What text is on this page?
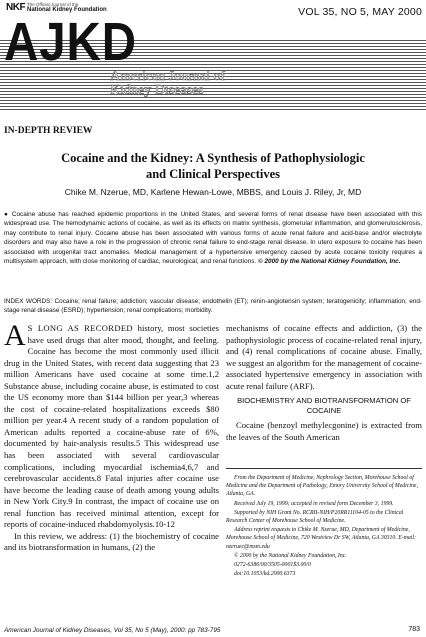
NKF The Official Journal of the
National Kidney Foundation	VOL 35, NO 5, MAY 2000
AJKD
American Journal of
Kidney Diseases
IN-DEPTH REVIEW
Cocaine and the Kidney: A Synthesis of Pathophysiologic
and Clinical Perspectives
Chike M. Nzerue, MD, Karlene Hewan-Lowe, MBBS, and Louis J. Riley, Jr, MD
● Cocaine abuse has reached epidemic proportions in the United States, and several forms of renal disease have been associated with this widespread use. The hemodynamic actions of cocaine, as well as its effects on matrix synthesis, glomerular inflammation, and glomerulosclerosis, may contribute to renal injury. Cocaine abuse has been associated with various forms of acute renal failure and acid-base and/or electrolyte disorders and may also have a role in the progression of chronic renal failure to end-stage renal disease. In utero exposure to cocaine has been associated with urogenital tract anomalies. Medical management of a hypertensive emergency caused by acute cocaine toxicity requires a multisystem approach, with close monitoring of cardiac, neurological, and renal functions. © 2000 by the National Kidney Foundation, Inc.
INDEX WORDS: Cocaine; renal failure; addiction; vascular disease; endothelin (ET); renin-angiotensin system; teratogenicity; inflammation; end-stage renal disease (ESRD); hypertension; renal complications; morbidity.

A S LONG AS RECORDED history, most societies have used drugs that alter mood, thought, and feeling. Cocaine has become the most commonly used illicit drug in the United States, with recent data suggesting that 23 million Americans have used cocaine at some time.1,2 Substance abuse, including cocaine abuse, is estimated to cost the US economy more than $144 billion per year,3 whereas the cost of cocaine-related hospitalizations exceeds $80 million per year.4 A recent study of a random population of American adults reported a cocaine-abuse rate of 6%, documented by hair-analysis results.5 This widespread use has been associated with several cardiovascular complications, including myocardial ischemia4,6,7 and cerebrovascular accidents.8 Fatal injuries after cocaine use have become the leading cause of death among young adults in New York City.9 In contrast, the impact of cocaine use on renal function has received minimal attention, except for reports of cocaine-induced rhabdomyolysis.10-12

In this review, we address: (1) the biochemistry of cocaine and its biotransformation in humans, (2) the

mechanisms of cocaine effects and addiction, (3) the pathophysiologic process of cocaine-related renal injury, and (4) renal complications of cocaine abuse. Finally, we suggest an algorithm for the management of cocaine-associated hypertensive emergency in association with acute renal failure (ARF).

BIOCHEMISTRY AND BIOTRANSFORMATION OF COCAINE

Cocaine (benzoyl methylecgonine) is extracted from the leaves of the South American

From the Department of Medicine, Nephrology Section, Morehouse School of Medicine and the Department of Pathology, Emory University School of Medicine, Atlanta, GA.

Received July 19, 1999; accepted in revised form December 3, 1999.

Supported by NIH Grant No. RCRII-NIH/P20RR11104-05 to the Clinical Research Center of Morehouse School of Medicine.

Address reprint requests to Chike M. Nzerue, MD, Department of Medicine, Morehouse School of Medicine, 720 Westview Dr SW, Atlanta, GA 30310. E-mail: nzeruec@msm.edu

© 2000 by the National Kidney Foundation, Inc.

0272-6386/00/3505-0001$3.00/0

doi:10.1053/kd.2000.6373

American Journal of Kidney Diseases, Vol 35, No 5 (May), 2000: pp 783-795	783
